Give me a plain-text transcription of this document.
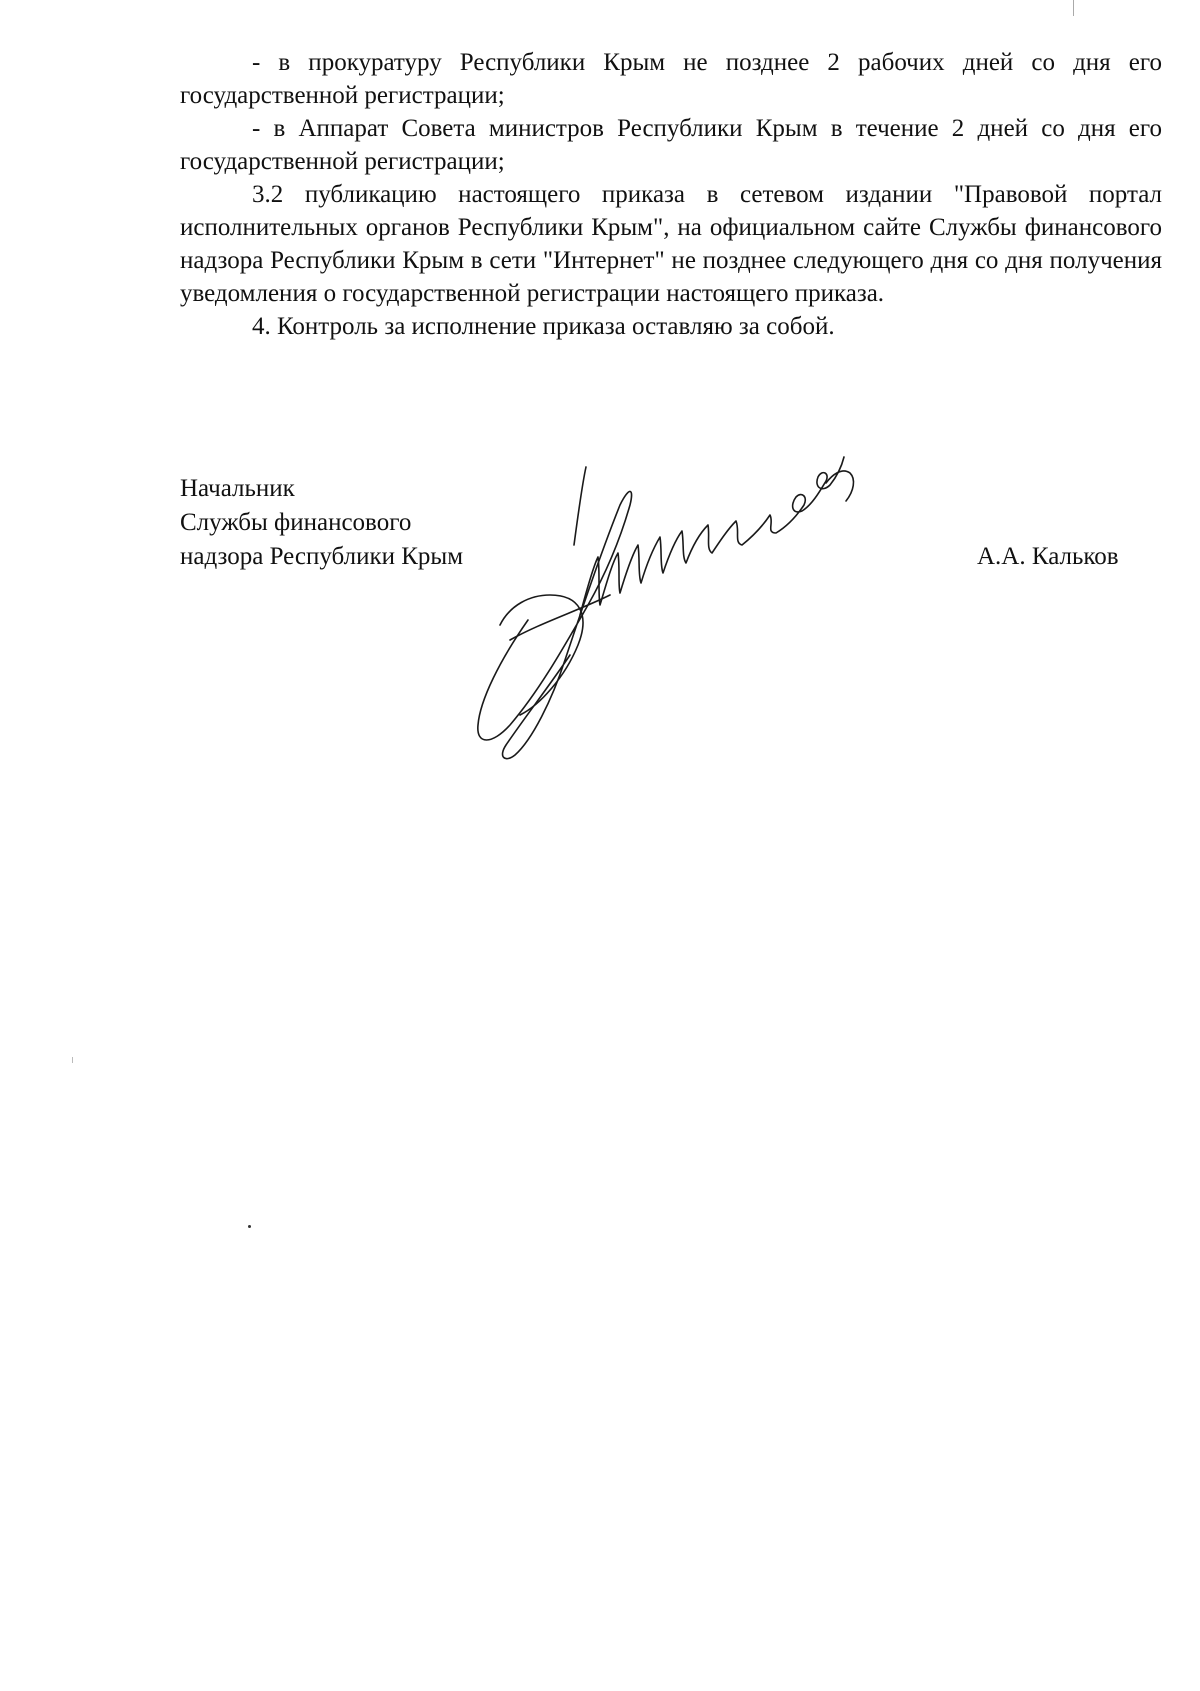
- в прокуратуру Республики Крым не позднее 2 рабочих дней со дня его государственной регистрации;

- в Аппарат Совета министров Республики Крым в течение 2 дней со дня его государственной регистрации;

3.2 публикацию настоящего приказа в сетевом издании "Правовой портал исполнительных органов Республики Крым", на официальном сайте Службы финансового надзора Республики Крым в сети "Интернет" не позднее следующего дня со дня получения уведомления о государственной регистрации настоящего приказа.

4. Контроль за исполнение приказа оставляю за собой.

Начальник
Службы финансового
надзора Республики Крым	А.А. Кальков
